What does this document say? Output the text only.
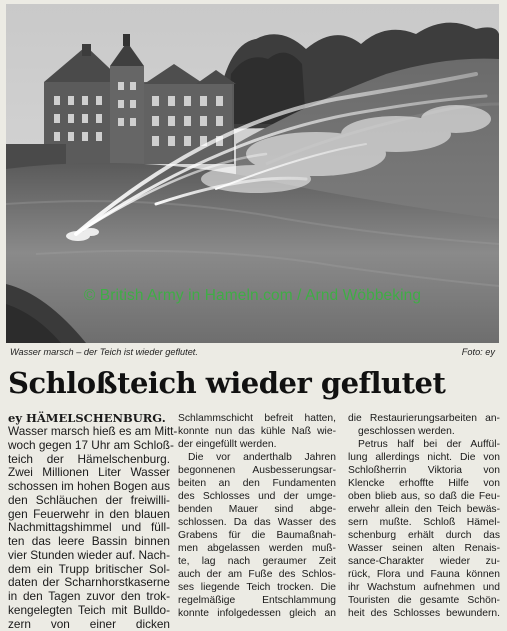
© British Army in Hameln.com / Arnd Wöbbeking
Wasser marsch – der Teich ist wieder geflutet.	Foto: ey
Schloßteich wieder geflutet
ey HÄMELSCHENBURG.
Wasser marsch hieß es am Mitt-
woch gegen 17 Uhr am Schloß-
teich der Hämelschenburg.
Zwei Millionen Liter Wasser
schossen im hohen Bogen aus
den Schläuchen der freiwilli-
gen Feuerwehr in den blauen
Nachmittagshimmel und füll-
ten das leere Bassin binnen
vier Stunden wieder auf. Nach-
dem ein Trupp britischer Sol-
daten der Scharnhorstkaserne
in den Tagen zuvor den trok-
kengelegten Teich mit Bulldo-
zern von einer dicken
Schlammschicht befreit hatten,
konnte nun das kühle Naß wie-
der eingefüllt werden.
Die vor anderthalb Jahren
begonnenen Ausbesserungsar-
beiten an den Fundamenten
des Schlosses und der umge-
benden Mauer sind abge-
schlossen. Da das Wasser des
Grabens für die Baumaßnah-
men abgelassen werden muß-
te, lag nach geraumer Zeit
auch der am Fuße des Schlos-
ses liegende Teich trocken. Die
regelmäßige Entschlammung
konnte infolgedessen gleich an
die Restaurierungsarbeiten an-
geschlossen werden.
Petrus half bei der Auffül-
lung allerdings nicht. Die von
Schloßherrin Viktoria von
Klencke erhoffte Hilfe von
oben blieb aus, so daß die Feu-
erwehr allein den Teich bewäs-
sern mußte. Schloß Hämel-
schenburg erhält durch das
Wasser seinen alten Renais-
sance-Charakter wieder zu-
rück, Flora und Fauna können
ihr Wachstum aufnehmen und
Touristen die gesamte Schön-
heit des Schlosses bewundern.
